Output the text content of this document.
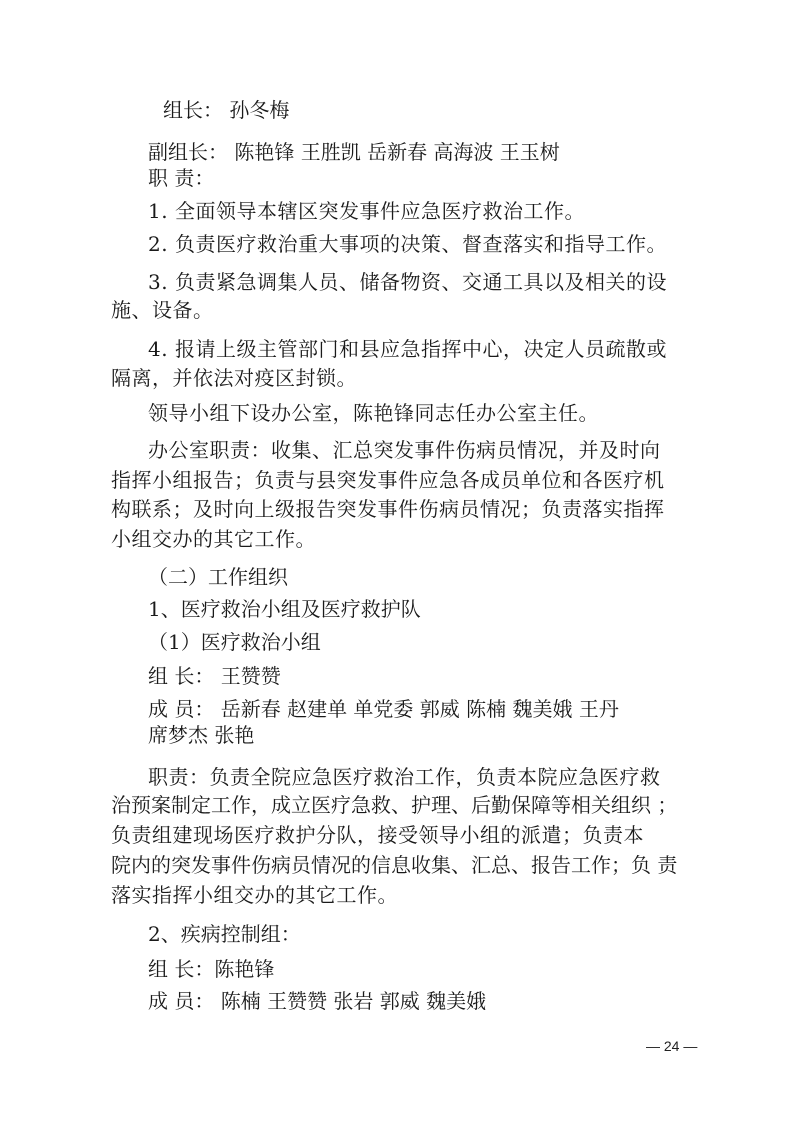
组长： 孙冬梅
副组长： 陈艳锋 王胜凯 岳新春 高海波 王玉树
职 责：
1. 全面领导本辖区突发事件应急医疗救治工作。
2. 负责医疗救治重大事项的决策、督查落实和指导工作。
3. 负责紧急调集人员、储备物资、交通工具以及相关的设
施、设备。
4. 报请上级主管部门和县应急指挥中心，决定人员疏散或
隔离，并依法对疫区封锁。
领导小组下设办公室，陈艳锋同志任办公室主任。
办公室职责：收集、汇总突发事件伤病员情况，并及时向
指挥小组报告；负责与县突发事件应急各成员单位和各医疗机
构联系；及时向上级报告突发事件伤病员情况；负责落实指挥
小组交办的其它工作。
（二）工作组织
1、医疗救治小组及医疗救护队
（1）医疗救治小组
组 长： 王赞赞
成 员： 岳新春 赵建单 单党委 郭威 陈楠 魏美娥 王丹
席梦杰 张艳
职责：负责全院应急医疗救治工作，负责本院应急医疗救
治预案制定工作，成立医疗急救、护理、后勤保障等相关组织 ；
负责组建现场医疗救护分队，接受领导小组的派遣；负责本
院内的突发事件伤病员情况的信息收集、汇总、报告工作；负 责
落实指挥小组交办的其它工作。
2、疾病控制组：
组 长：陈艳锋
成 员： 陈楠 王赞赞 张岩 郭威 魏美娥
— 24 —
